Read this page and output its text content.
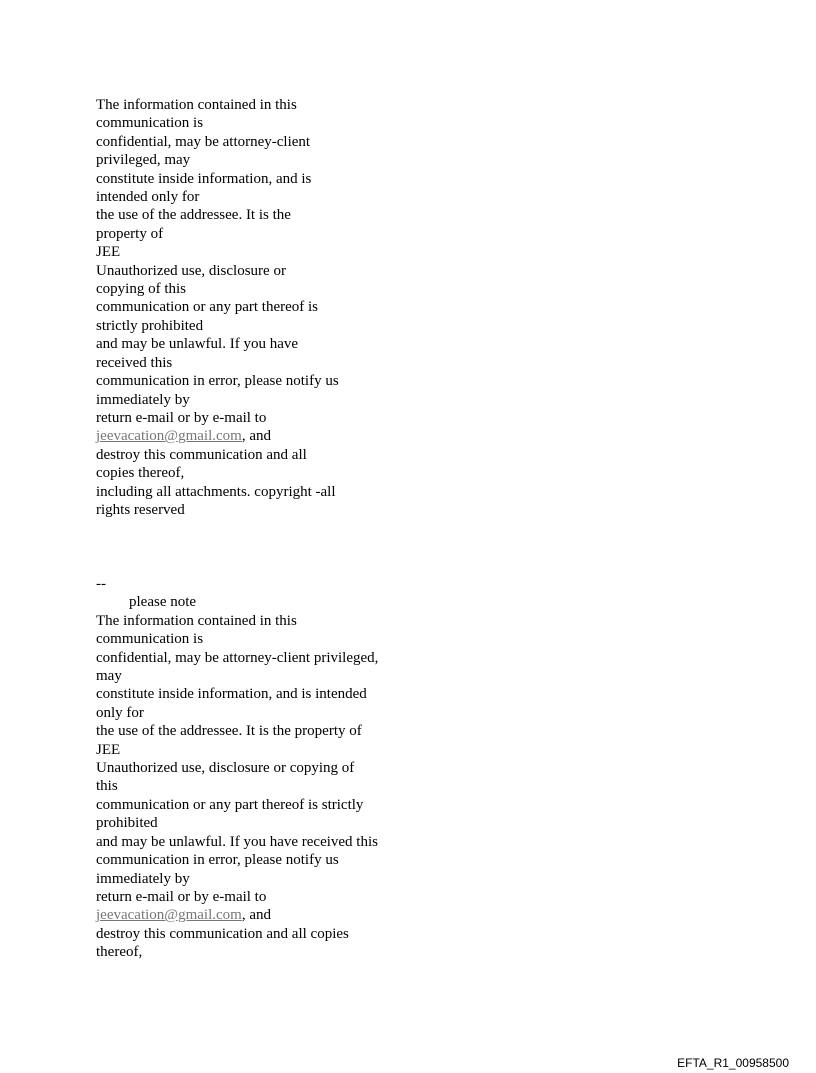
The information contained in this
communication is
confidential, may be attorney-client
privileged, may
constitute inside information, and is
intended only for
the use of the addressee. It is the
property of
JEE
Unauthorized use, disclosure or
copying of this
communication or any part thereof is
strictly prohibited
and may be unlawful. If you have
received this
communication in error, please notify us
immediately by
return e-mail or by e-mail to
jeevacation@gmail.com, and
destroy this communication and all
copies thereof,
including all attachments. copyright -all
rights reserved
--
please note
The information contained in this
communication is
confidential, may be attorney-client privileged,
may
constitute inside information, and is intended
only for
the use of the addressee. It is the property of
JEE
Unauthorized use, disclosure or copying of
this
communication or any part thereof is strictly
prohibited
and may be unlawful. If you have received this
communication in error, please notify us
immediately by
return e-mail or by e-mail to
jeevacation@gmail.com, and
destroy this communication and all copies
thereof,
EFTA_R1_00958500
